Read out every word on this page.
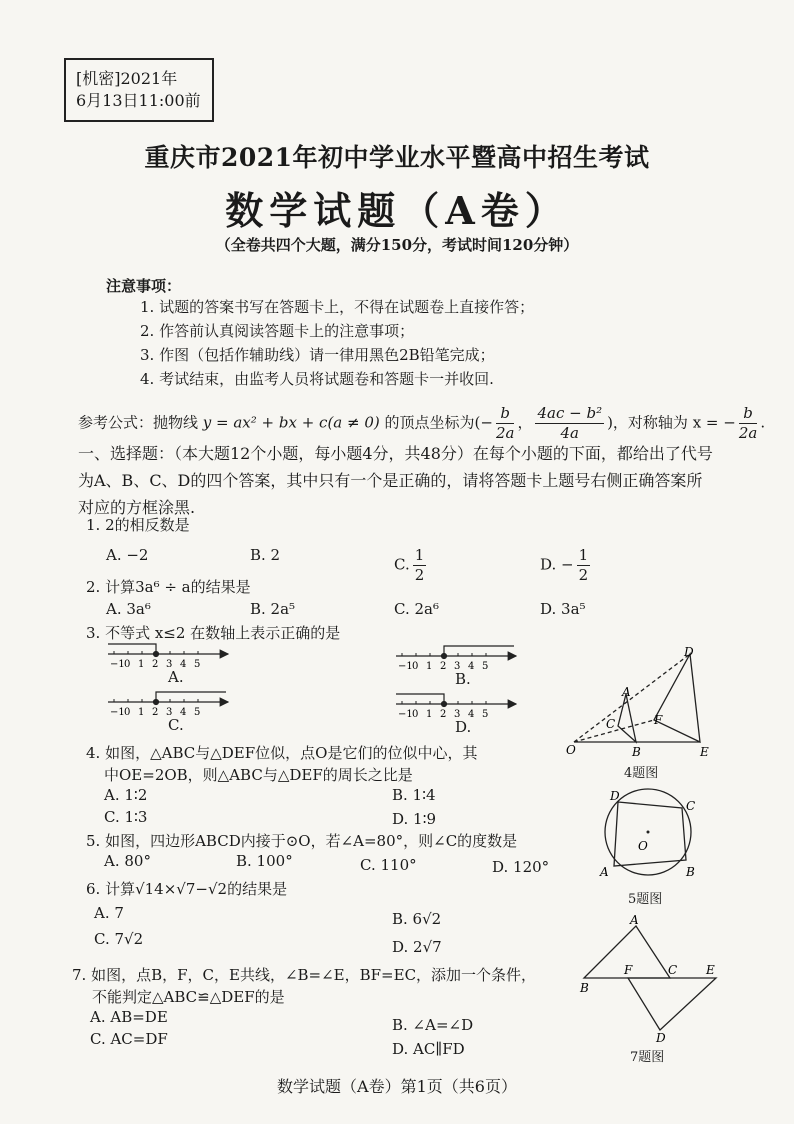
[机密]2021年
6月13日11:00前
重庆市2021年初中学业水平暨高中招生考试
数学试题（A卷）
（全卷共四个大题，满分150分，考试时间120分钟）
注意事项：
1. 试题的答案书写在答题卡上，不得在试题卷上直接作答；
2. 作答前认真阅读答题卡上的注意事项；
3. 作图（包括作辅助线）请一律用黑色2B铅笔完成；
4. 考试结束，由监考人员将试题卷和答题卡一并收回.
参考公式：抛物线 y = ax² + bx + c(a ≠ 0) 的顶点坐标为(− $\frac{b}{2a}$ ， $\frac{\text{4ac − b²}}{4a}$ )，对称轴为 x = − $\frac{b}{2a}$ .
一、选择题：（本大题12个小题，每小题4分，共48分）在每个小题的下面，都给出了代号为A、B、C、D的四个答案，其中只有一个是正确的，请将答题卡上题号右侧正确答案所对应的方框涂黑.
1. 2的相反数是
A. −2	B. 2
C. $\frac{1}{2}$	D. − $\frac{1}{2}$
2. 计算3a⁶ ÷ a的结果是
A. 3a⁶	B. 2a⁵	C. 2a⁶	D. 3a⁵
3. 不等式 x≤2 在数轴上表示正确的是
−1 0 1 2 3 4 5	−1 0 1 2 3 4 5
−1 0 1 2 3 4 5	−1 0 1 2 3 4 5
A.	B.
C.	D.
4. 如图，△ABC与△DEF位似，点O是它们的位似中心，其
中OE=2OB，则△ABC与△DEF的周长之比是
A. 1∶2	B. 1∶4
C. 1∶3	D. 1∶9
5. 如图，四边形ABCD内接于⊙O，若∠A=80°，则∠C的度数是
A. 80°	B. 100°	C. 110°	D. 120°
6. 计算√14×√7−√2的结果是
A. 7	B. 6√2
C. 7√2	D. 2√7
7. 如图，点B，F，C，E共线，∠B=∠E，BF=EC，添加一个条件，
不能判定△ABC≌△DEF的是
A. AB=DE	B. ∠A=∠D
C. AC=DF
D. AC∥FD
D
A
C	F
O	B	E
4题图
D
C
O
A	B
5题图
A
B
F	C E
D
7题图
数学试题（A卷）第1页（共6页）
